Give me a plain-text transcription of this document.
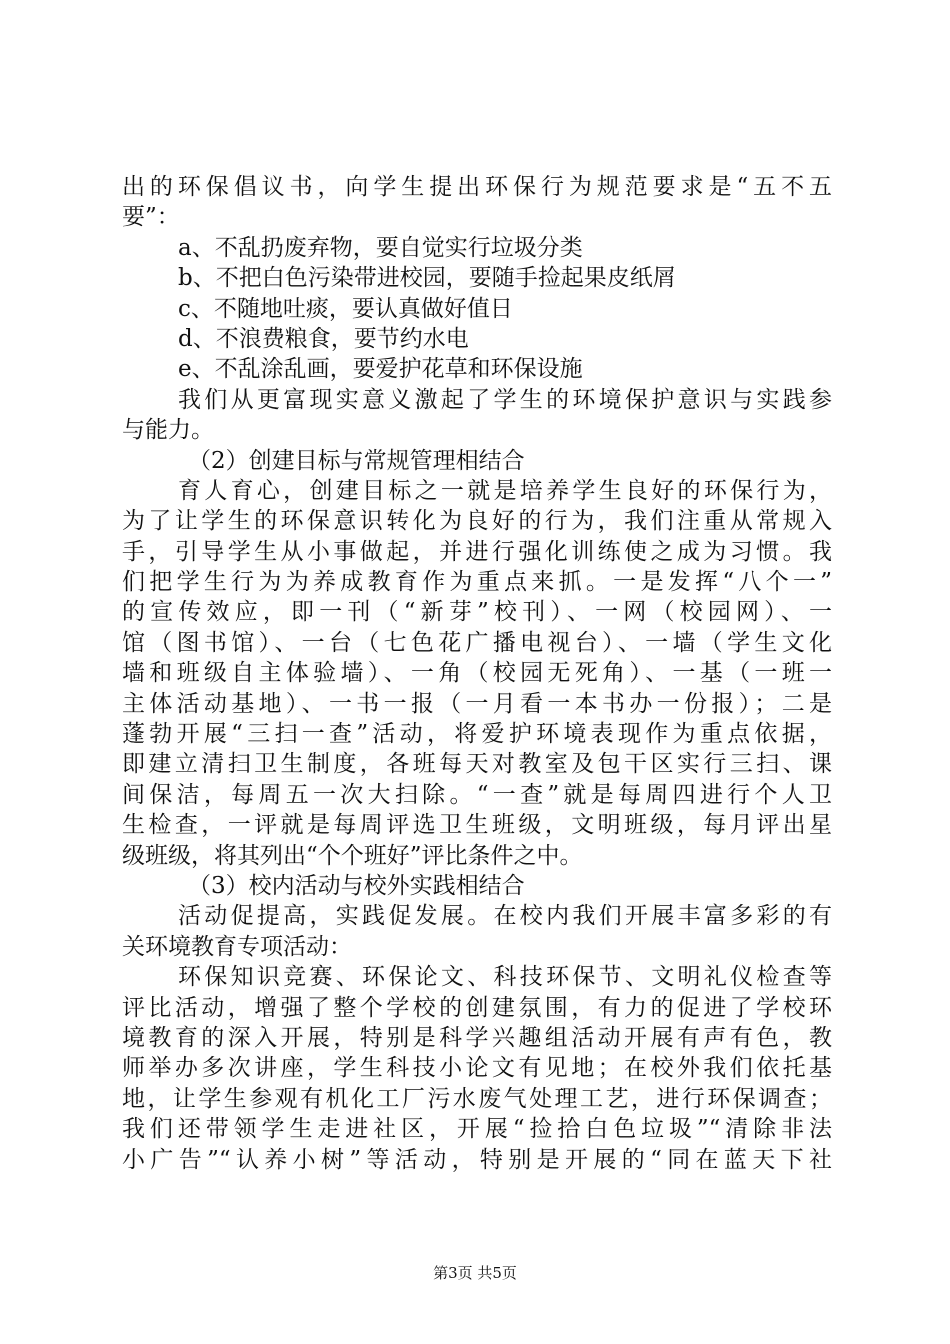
出的环保倡议书，向学生提出环保行为规范要求是“五不五
要”：
a、不乱扔废弃物，要自觉实行垃圾分类
b、不把白色污染带进校园，要随手捡起果皮纸屑
c、不随地吐痰，要认真做好值日
d、不浪费粮食，要节约水电
e、不乱涂乱画，要爱护花草和环保设施
我们从更富现实意义激起了学生的环境保护意识与实践参
与能力。
（2）创建目标与常规管理相结合
育人育心，创建目标之一就是培养学生良好的环保行为，
为了让学生的环保意识转化为良好的行为，我们注重从常规入
手，引导学生从小事做起，并进行强化训练使之成为习惯。我
们把学生行为为养成教育作为重点来抓。一是发挥“八个一”
的宣传效应，即一刊（“新芽”校刊）、一网（校园网）、一
馆（图书馆）、一台（七色花广播电视台）、一墙（学生文化
墙和班级自主体验墙）、一角（校园无死角）、一基（一班一
主体活动基地）、一书一报（一月看一本书办一份报）；二是
蓬勃开展“三扫一查”活动，将爱护环境表现作为重点依据，
即建立清扫卫生制度，各班每天对教室及包干区实行三扫、课
间保洁，每周五一次大扫除。“一查”就是每周四进行个人卫
生检查，一评就是每周评选卫生班级，文明班级，每月评出星
级班级，将其列出“个个班好”评比条件之中。
（3）校内活动与校外实践相结合
活动促提高，实践促发展。在校内我们开展丰富多彩的有
关环境教育专项活动：
环保知识竞赛、环保论文、科技环保节、文明礼仪检查等
评比活动，增强了整个学校的创建氛围，有力的促进了学校环
境教育的深入开展，特别是科学兴趣组活动开展有声有色，教
师举办多次讲座，学生科技小论文有见地；在校外我们依托基
地，让学生参观有机化工厂污水废气处理工艺，进行环保调查；
我们还带领学生走进社区，开展“捡拾白色垃圾”“清除非法
小广告”“认养小树”等活动，特别是开展的“同在蓝天下社
第3页 共5页
